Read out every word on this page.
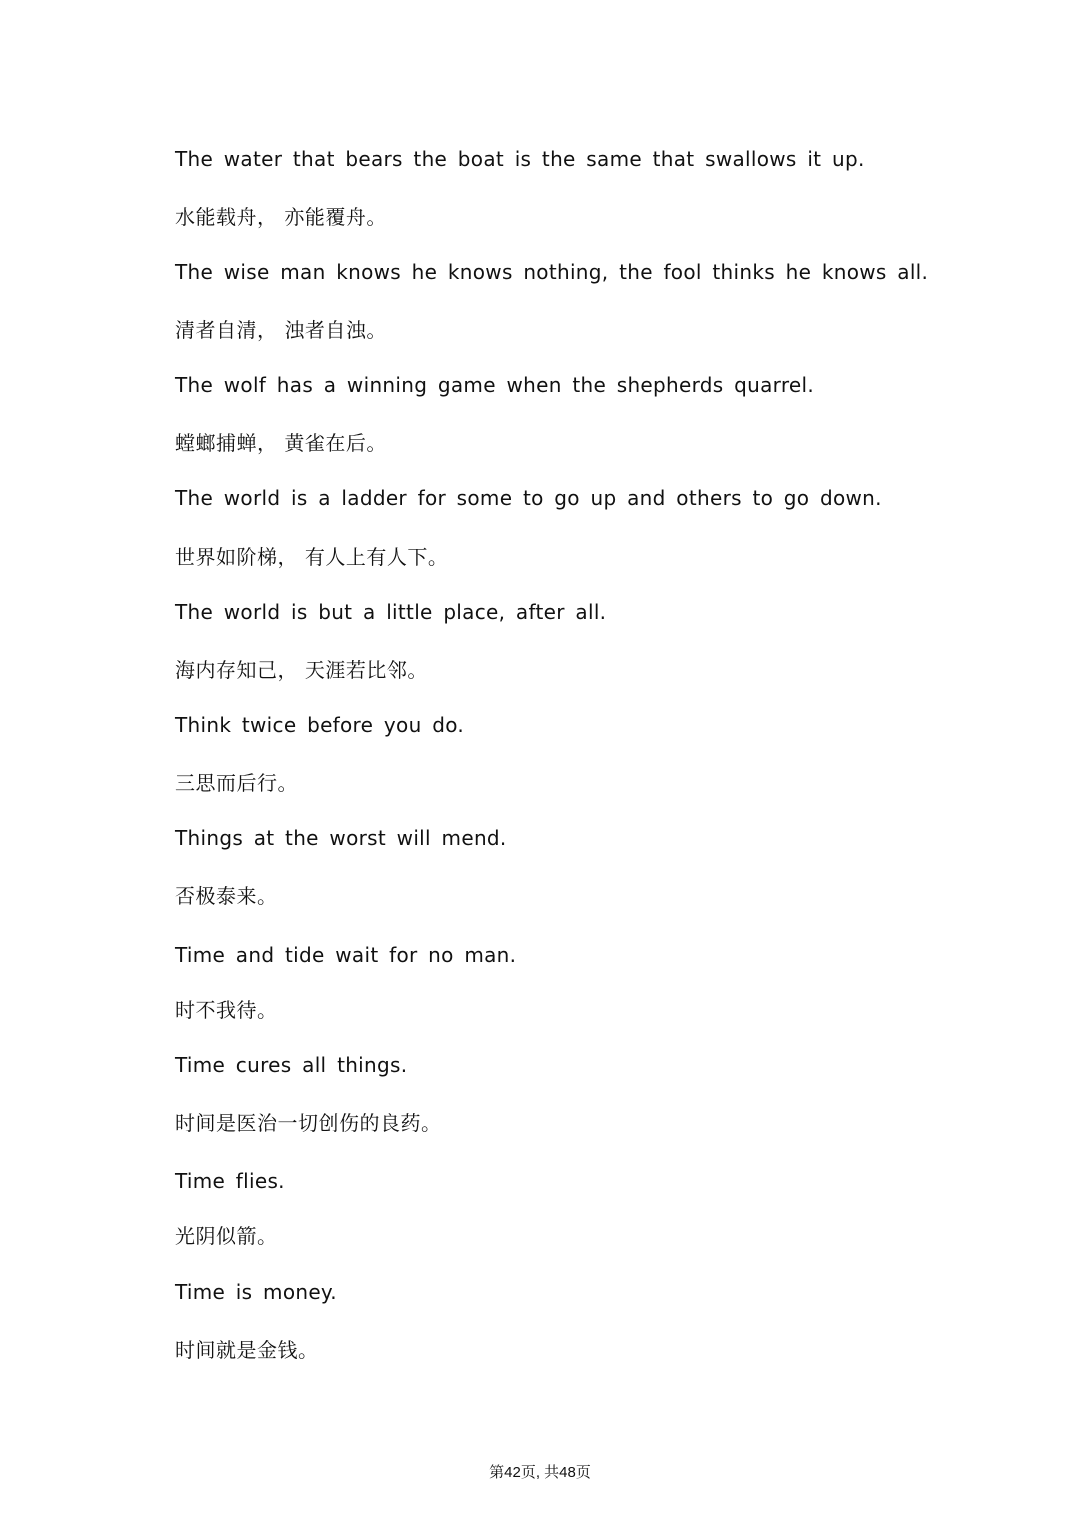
The water that bears the boat is the same that swallows it up.
水能载舟， 亦能覆舟。
The wise man knows he knows nothing, the fool thinks he knows all.
清者自清， 浊者自浊。
The wolf has a winning game when the shepherds quarrel.
螳螂捕蝉， 黄雀在后。
The world is a ladder for some to go up and others to go down.
世界如阶梯， 有人上有人下。
The world is but a little place, after all.
海内存知己， 天涯若比邻。
Think twice before you do.
三思而后行。
Things at the worst will mend.
否极泰来。
Time and tide wait for no man.
时不我待。
Time cures all things.
时间是医治一切创伤的良药。
Time flies.
光阴似箭。
Time is money.
时间就是金钱。
第42页, 共48页
